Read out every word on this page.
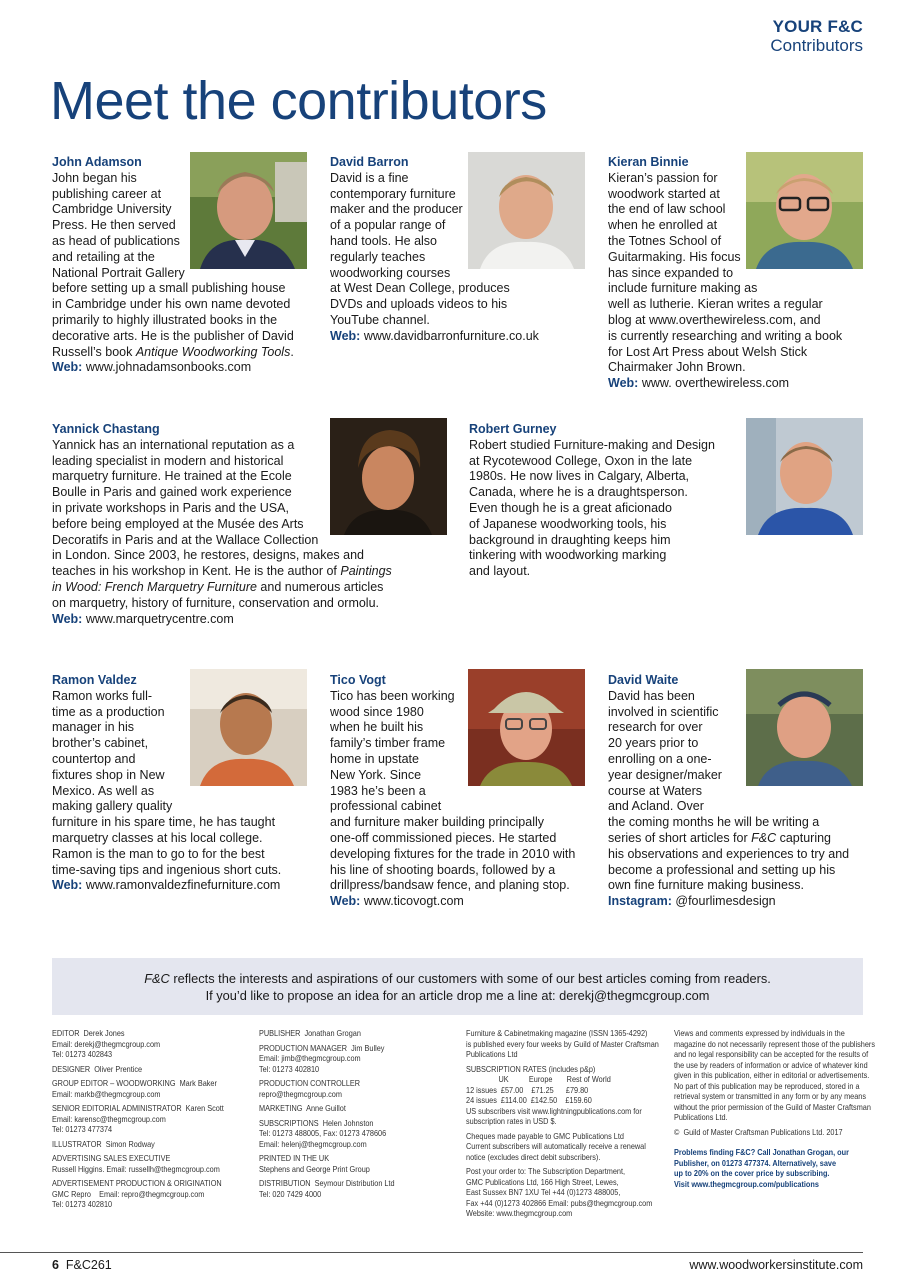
YOUR F&C
Contributors
Meet the contributors
John Adamson
John began his
publishing career at
Cambridge University
Press. He then served
as head of publications
and retailing at the
National Portrait Gallery
before setting up a small publishing house
in Cambridge under his own name devoted
primarily to highly illustrated books in the
decorative arts. He is the publisher of David
Russell’s book Antique Woodworking Tools.
Web: www.johnadamsonbooks.com
David Barron
David is a fine
contemporary furniture
maker and the producer
of a popular range of
hand tools. He also
regularly teaches
woodworking courses
at West Dean College, produces
DVDs and uploads videos to his
YouTube channel.
Web: www.davidbarronfurniture.co.uk
Kieran Binnie
Kieran’s passion for
woodwork started at
the end of law school
when he enrolled at
the Totnes School of
Guitarmaking. His focus
has since expanded to
include furniture making as
well as lutherie. Kieran writes a regular
blog at www.overthewireless.com, and
is currently researching and writing a book
for Lost Art Press about Welsh Stick
Chairmaker John Brown.
Web: www. overthewireless.com
Yannick Chastang
Yannick has an international reputation as a
leading specialist in modern and historical
marquetry furniture. He trained at the Ecole
Boulle in Paris and gained work experience
in private workshops in Paris and the USA,
before being employed at the Musée des Arts
Decoratifs in Paris and at the Wallace Collection
in London. Since 2003, he restores, designs, makes and
teaches in his workshop in Kent. He is the author of Paintings
in Wood: French Marquetry Furniture and numerous articles
on marquetry, history of furniture, conservation and ormolu.
Web: www.marquetrycentre.com
Robert Gurney
Robert studied Furniture-making and Design
at Rycotewood College, Oxon in the late
1980s. He now lives in Calgary, Alberta,
Canada, where he is a draughtsperson.
Even though he is a great aficionado
of Japanese woodworking tools, his
background in draughting keeps him
tinkering with woodworking marking
and layout.
Ramon Valdez
Ramon works full-
time as a production
manager in his
brother’s cabinet,
countertop and
fixtures shop in New
Mexico. As well as
making gallery quality
furniture in his spare time, he has taught
marquetry classes at his local college.
Ramon is the man to go to for the best
time-saving tips and ingenious short cuts.
Web: www.ramonvaldezfinefurniture.com
Tico Vogt
Tico has been working
wood since 1980
when he built his
family’s timber frame
home in upstate
New York. Since
1983 he’s been a
professional cabinet
and furniture maker building principally
one-off commissioned pieces. He started
developing fixtures for the trade in 2010 with
his line of shooting boards, followed by a
drillpress/bandsaw fence, and planing stop.
Web: www.ticovogt.com
David Waite
David has been
involved in scientific
research for over
20 years prior to
enrolling on a one-
year designer/maker
course at Waters
and Acland. Over
the coming months he will be writing a
series of short articles for F&C capturing
his observations and experiences to try and
become a professional and setting up his
own fine furniture making business.
Instagram: @fourlimesdesign
F&C reflects the interests and aspirations of our customers with some of our best articles coming from readers.
If you’d like to propose an idea for an article drop me a line at: derekj@thegmcgroup.com
EDITOR  Derek Jones
Email: derekj@thegmcgroup.com
Tel: 01273 402843
DESIGNER  Oliver Prentice
GROUP EDITOR – WOODWORKING  Mark Baker
Email: markb@thegmcgroup.com
SENIOR EDITORIAL ADMINISTRATOR  Karen Scott
Email: karensc@thegmcgroup.com
Tel: 01273 477374
ILLUSTRATOR  Simon Rodway
ADVERTISING SALES EXECUTIVE
Russell Higgins. Email: russellh@thegmcgroup.com
ADVERTISEMENT PRODUCTION & ORIGINATION
GMC Repro    Email: repro@thegmcgroup.com
Tel: 01273 402810
PUBLISHER  Jonathan Grogan
PRODUCTION MANAGER  Jim Bulley
Email: jimb@thegmcgroup.com
Tel: 01273 402810
PRODUCTION CONTROLLER
repro@thegmcgroup.com
MARKETING  Anne Guillot
SUBSCRIPTIONS  Helen Johnston
Tel: 01273 488005, Fax: 01273 478606
Email: helenj@thegmcgroup.com
PRINTED IN THE UK
Stephens and George Print Group
DISTRIBUTION  Seymour Distribution Ltd
Tel: 020 7429 4000
Furniture & Cabinetmaking magazine (ISSN 1365-4292)
is published every four weeks by Guild of Master Craftsman
Publications Ltd
SUBSCRIPTION RATES (includes p&p)
UK          Europe       Rest of World
12 issues  £57.00    £71.25      £79.80
24 issues  £114.00  £142.50    £159.60
US subscribers visit www.lightningpublications.com for
subscription rates in USD $.
Cheques made payable to GMC Publications Ltd
Current subscribers will automatically receive a renewal
notice (excludes direct debit subscribers).
Post your order to: The Subscription Department,
GMC Publications Ltd, 166 High Street, Lewes,
East Sussex BN7 1XU Tel +44 (0)1273 488005,
Fax +44 (0)1273 402866 Email: pubs@thegmcgroup.com
Website: www.thegmcgroup.com
Views and comments expressed by individuals in the
magazine do not necessarily represent those of the publishers
and no legal responsibility can be accepted for the results of
the use by readers of information or advice of whatever kind
given in this publication, either in editorial or advertisements.
No part of this publication may be reproduced, stored in a
retrieval system or transmitted in any form or by any means
without the prior permission of the Guild of Master Craftsman
Publications Ltd.
©  Guild of Master Craftsman Publications Ltd. 2017
Problems finding F&C? Call Jonathan Grogan, our
Publisher, on 01273 477374. Alternatively, save
up to 20% on the cover price by subscribing.
Visit www.thegmcgroup.com/publications
6 F&C261	www.woodworkersinstitute.com
